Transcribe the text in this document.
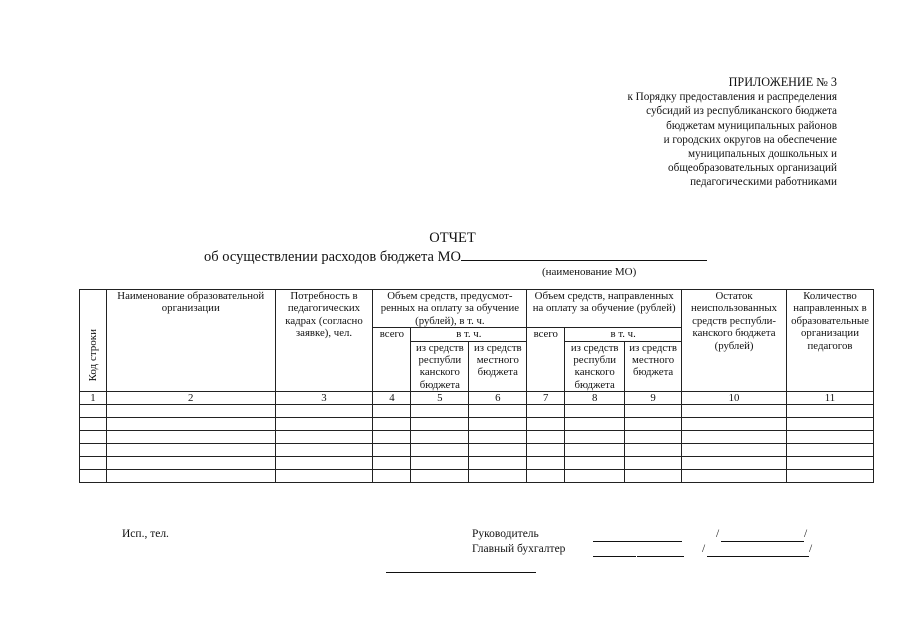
ПРИЛОЖЕНИЕ № 3
к Порядку предоставления и распределения
субсидий из республиканского бюджета
бюджетам муниципальных районов
и городских округов на обеспечение
муниципальных дошкольных и
общеобразовательных организаций
педагогическими работниками
ОТЧЕТ
об осуществлении расходов бюджета МО
(наименование МО)
Код строки	Наименование образовательной организации	Потребность в педагогических кадрах (согласно заявке), чел.	Объем средств, предусмотренных на оплату за обучение (рублей), в т. ч.			Объем средств, направленных на оплату за обучение (рублей)			Остаток неиспользованных средств республиканского бюджета (рублей)	Количество направленных в образовательные организации педагогов
			всего	в т. ч.		всего	в т. ч.			
				из средств республи канского бюджета	из средств местного бюджета		из средств республи канского бюджета	из средств местного бюджета		
1	2	3	4	5	6	7	8	9	10	11

Исп., тел.	Руководитель
Главный бухгалтер
/	/
/	/
